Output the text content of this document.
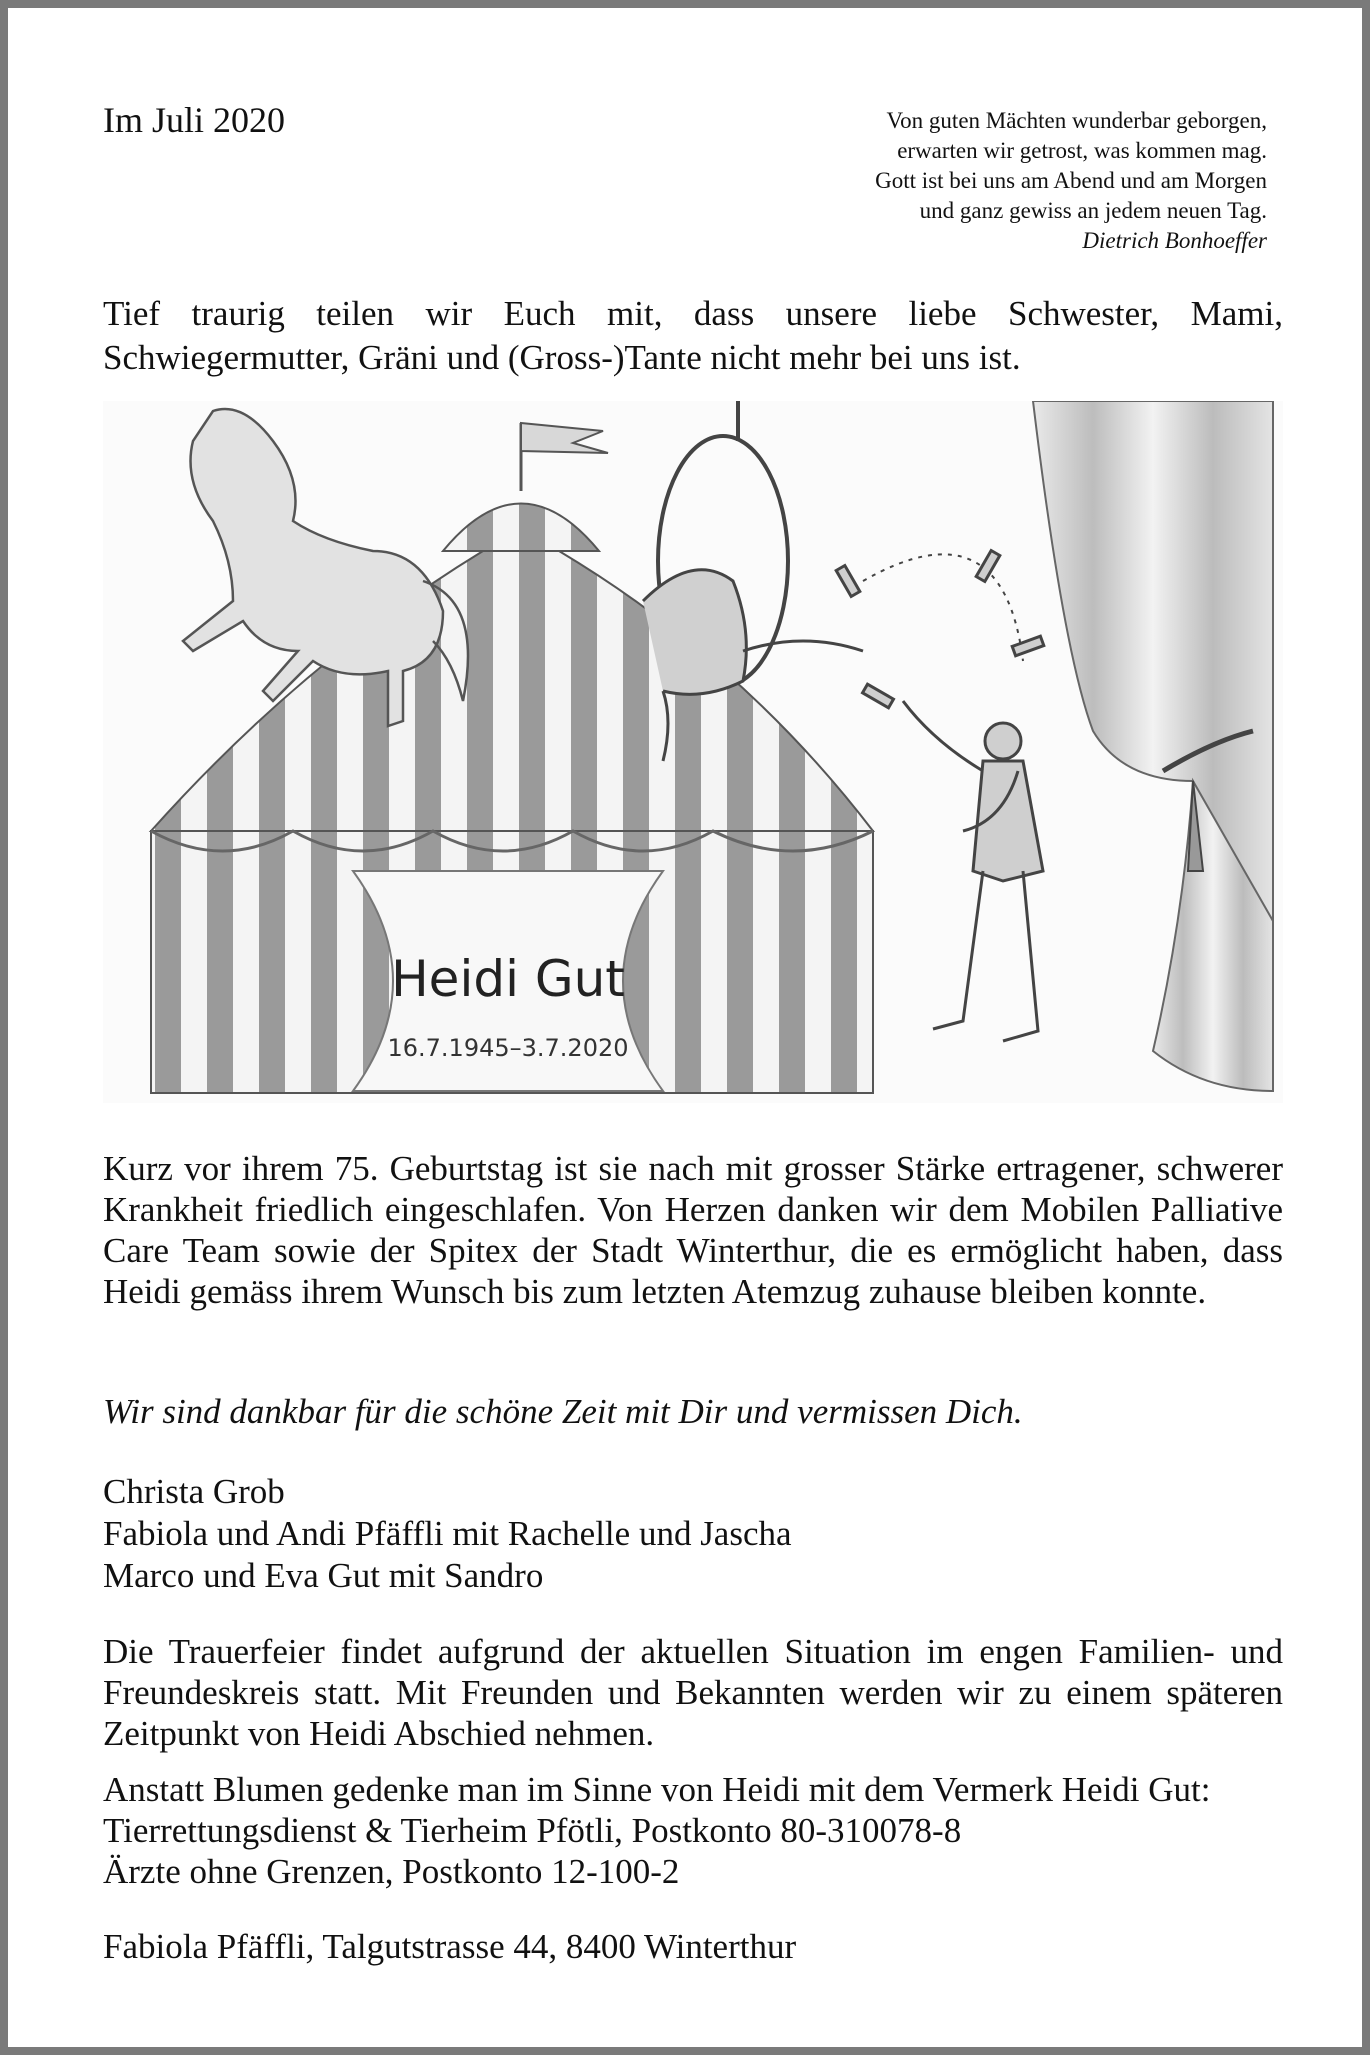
Im Juli 2020	Von guten Mächten wunderbar geborgen,
erwarten wir getrost, was kommen mag.
Gott ist bei uns am Abend und am Morgen
und ganz gewiss an jedem neuen Tag.
Dietrich Bonhoeffer
Tief traurig teilen wir Euch mit, dass unsere liebe Schwester, Mami, Schwiegermutter, Gräni und (Gross-)Tante nicht mehr bei uns ist.
Heidi Gut
16.7.1945–3.7.2020
Kurz vor ihrem 75. Geburtstag ist sie nach mit grosser Stärke ertragener, schwerer Krankheit friedlich eingeschlafen. Von Herzen danken wir dem Mobilen Palliative Care Team sowie der Spitex der Stadt Winterthur, die es ermöglicht haben, dass Heidi gemäss ihrem Wunsch bis zum letzten Atemzug zuhause bleiben konnte.
Wir sind dankbar für die schöne Zeit mit Dir und vermissen Dich.
Christa Grob
Fabiola und Andi Pfäffli mit Rachelle und Jascha
Marco und Eva Gut mit Sandro
Die Trauerfeier findet aufgrund der aktuellen Situation im engen Familien- und Freundeskreis statt. Mit Freunden und Bekannten werden wir zu einem späteren Zeitpunkt von Heidi Abschied nehmen.
Anstatt Blumen gedenke man im Sinne von Heidi mit dem Vermerk Heidi Gut:
Tierrettungsdienst & Tierheim Pfötli, Postkonto 80-310078-8
Ärzte ohne Grenzen, Postkonto 12-100-2
Fabiola Pfäffli, Talgutstrasse 44, 8400 Winterthur
